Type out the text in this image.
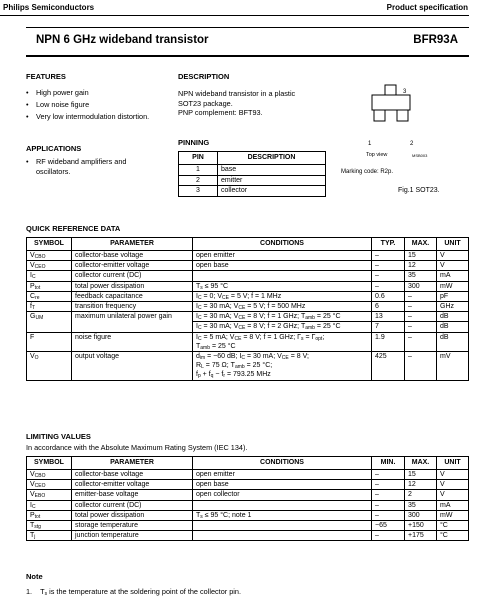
Philips Semiconductors	Product specification
NPN 6 GHz wideband transistor	BFR93A
FEATURES
• High power gain
• Low noise figure
• Very low intermodulation distortion.
APPLICATIONS
• RF wideband amplifiers and oscillators.
DESCRIPTION
NPN wideband transistor in a plastic
SOT23 package.
PNP complement: BFT93.
PINNING
PIN	DESCRIPTION
1	base
2	emitter
3	collector
3
1	2
Top view	MSB003
Marking code: R2p.
Fig.1 SOT23.
QUICK REFERENCE DATA
SYMBOL	PARAMETER	CONDITIONS	TYP.	MAX.	UNIT
$V_{CBO}$	collector-base voltage	open emitter	–	15	V
$V_{CEO}$	collector-emitter voltage	open base	–	12	V
$I_C$	collector current (DC)		–	35	mA
$P_{tot}$	total power dissipation	$T_s \le 95$ °C	–	300	mW
$C_{re}$	feedback capacitance	$I_C = 0$; $V_{CE} = 5$ V; f = 1 MHz	0.6	–	pF
$f_T$	transition frequency	$I_C = 30$ mA; $V_{CE} = 5$ V; f = 500 MHz	6	–	GHz
$G_{UM}$	maximum unilateral power gain	$I_C = 30$ mA; $V_{CE} = 8$ V; f = 1 GHz; $T_{amb} = 25$ °C	13	–	dB
		$I_C = 30$ mA; $V_{CE} = 8$ V; f = 2 GHz; $T_{amb} = 25$ °C	7	–	dB
F	noise figure	$I_C = 5$ mA; $V_{CE} = 8$ V; f = 1 GHz; $\Gamma_s = \Gamma_{opt}$;
$T_{amb} = 25$ °C	1.9	–	dB
$V_O$	output voltage	$d_{im} = -60$ dB; $I_C = 30$ mA; $V_{CE} = 8$ V;
$R_L = 75$ Ω; $T_{amb} = 25$ °C;
$f_p + f_q - f_r = 793.25$ MHz	425	–	mV
LIMITING VALUES
In accordance with the Absolute Maximum Rating System (IEC 134).
SYMBOL	PARAMETER	CONDITIONS	MIN.	MAX.	UNIT
$V_{CBO}$	collector-base voltage	open emitter	–	15	V
$V_{CEO}$	collector-emitter voltage	open base	–	12	V
$V_{EBO}$	emitter-base voltage	open collector	–	2	V
$I_C$	collector current (DC)		–	35	mA
$P_{tot}$	total power dissipation	$T_s \le 95$ °C; note 1	–	300	mW
$T_{stg}$	storage temperature		−65	+150	°C
$T_j$	junction temperature		–	+175	°C
Note
1. $T_s$ is the temperature at the soldering point of the collector pin.
